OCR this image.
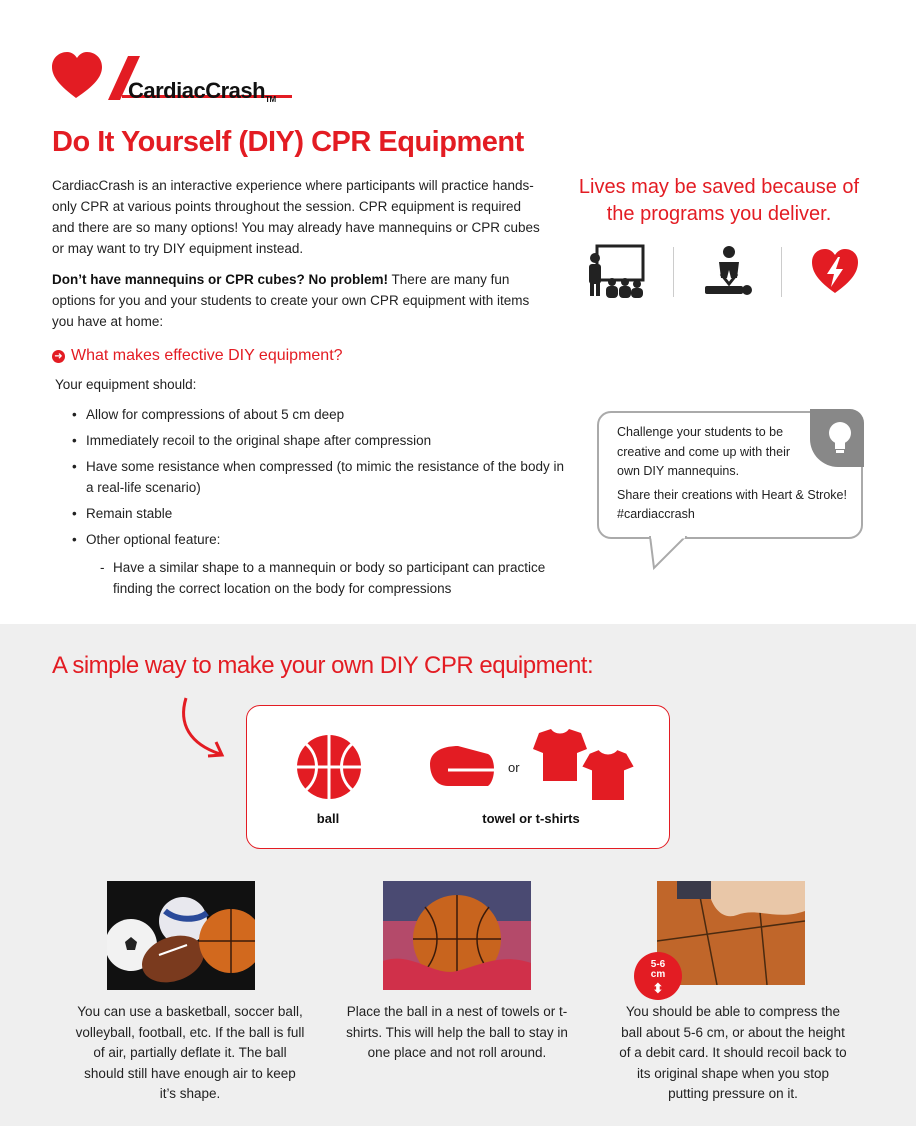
CardiacCrashTM
Do It Yourself (DIY) CPR Equipment

CardiacCrash is an interactive experience where participants will practice hands-only CPR at various points throughout the session. CPR equipment is required and there are so many options! You may already have mannequins or CPR cubes or may want to try DIY equipment instead.

Don’t have mannequins or CPR cubes? No problem! There are many fun options for you and your students to create your own CPR equipment with items you have at home:

➜ What makes effective DIY equipment?
Your equipment should:
• Allow for compressions of about 5 cm deep
• Immediately recoil to the original shape after compression
• Have some resistance when compressed (to mimic the resistance of the body in a real-life scenario)
• Remain stable
• Other optional feature:
- Have a similar shape to a mannequin or body so participant can practice finding the correct location on the body for compressions
Lives may be saved because of the programs you deliver.

Challenge your students to be creative and come up with their own DIY mannequins.

Share their creations with Heart & Stroke! #cardiaccrash

A simple way to make your own DIY CPR equipment:
ball
or
towel or t-shirts
5-6
cm
⬍
You can use a basketball, soccer ball, volleyball, football, etc. If the ball is full of air, partially deflate it. The ball should still have enough air to keep it’s shape.
Place the ball in a nest of towels or t-shirts. This will help the ball to stay in one place and not roll around.
You should be able to compress the ball about 5-6 cm, or about the height of a debit card. It should recoil back to its original shape when you stop putting pressure on it.
